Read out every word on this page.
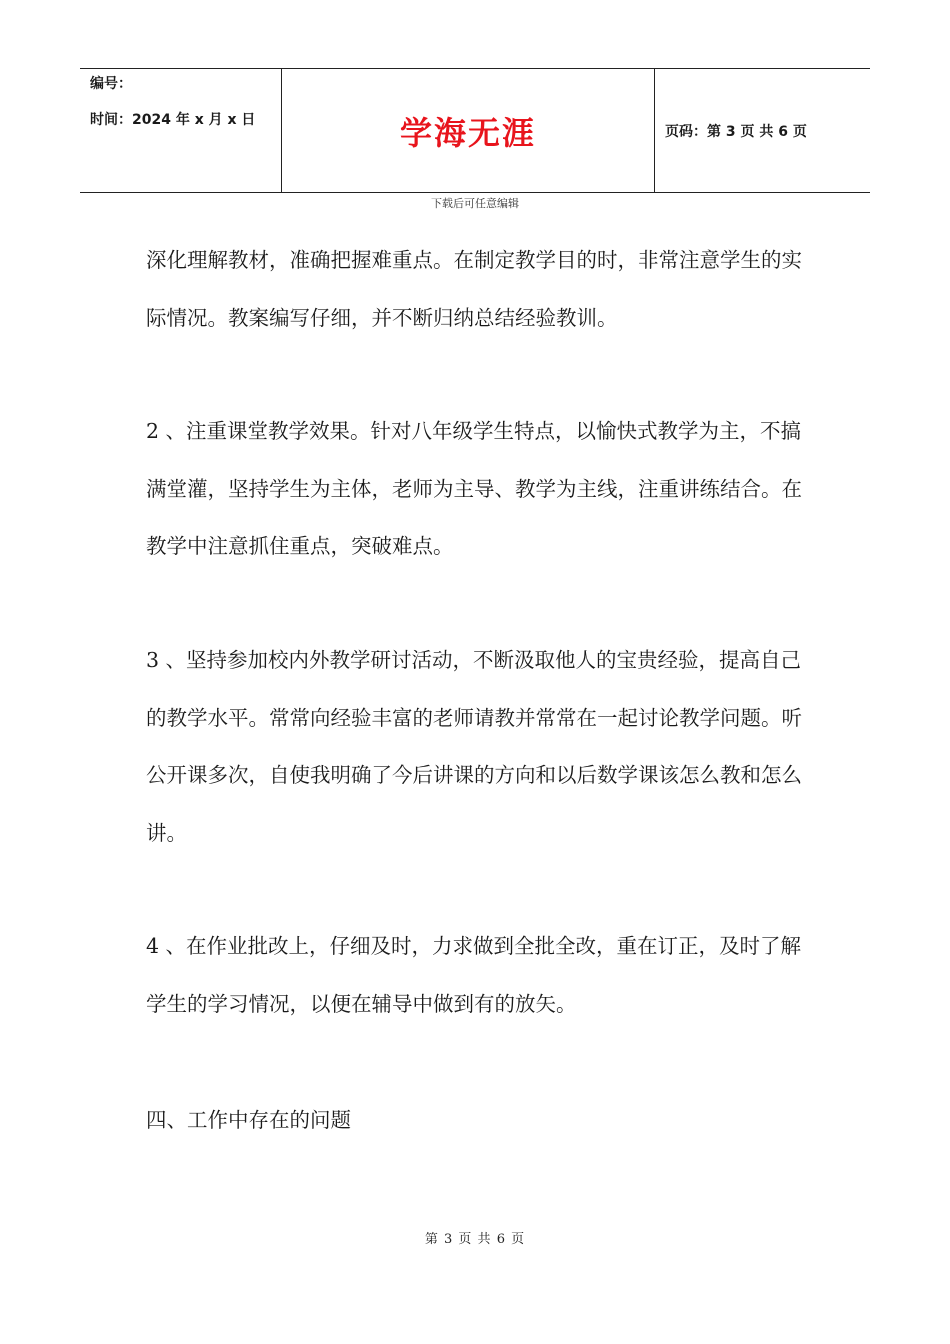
编号：
时间：2024 年 x 月 x 日	学海无涯	页码：第 3 页 共 6 页
下载后可任意编辑

深化理解教材，准确把握难重点。在制定教学目的时，非常注意学生的实际情况。教案编写仔细，并不断归纳总结经验教训。

2 、注重课堂教学效果。针对八年级学生特点，以愉快式教学为主，不搞满堂灌，坚持学生为主体，老师为主导、教学为主线，注重讲练结合。在教学中注意抓住重点，突破难点。

3 、坚持参加校内外教学研讨活动，不断汲取他人的宝贵经验，提高自己的教学水平。常常向经验丰富的老师请教并常常在一起讨论教学问题。听公开课多次，自使我明确了今后讲课的方向和以后数学课该怎么教和怎么讲。

4 、在作业批改上，仔细及时，力求做到全批全改，重在订正，及时了解学生的学习情况，以便在辅导中做到有的放矢。

四、工作中存在的问题

第 3 页 共 6 页
